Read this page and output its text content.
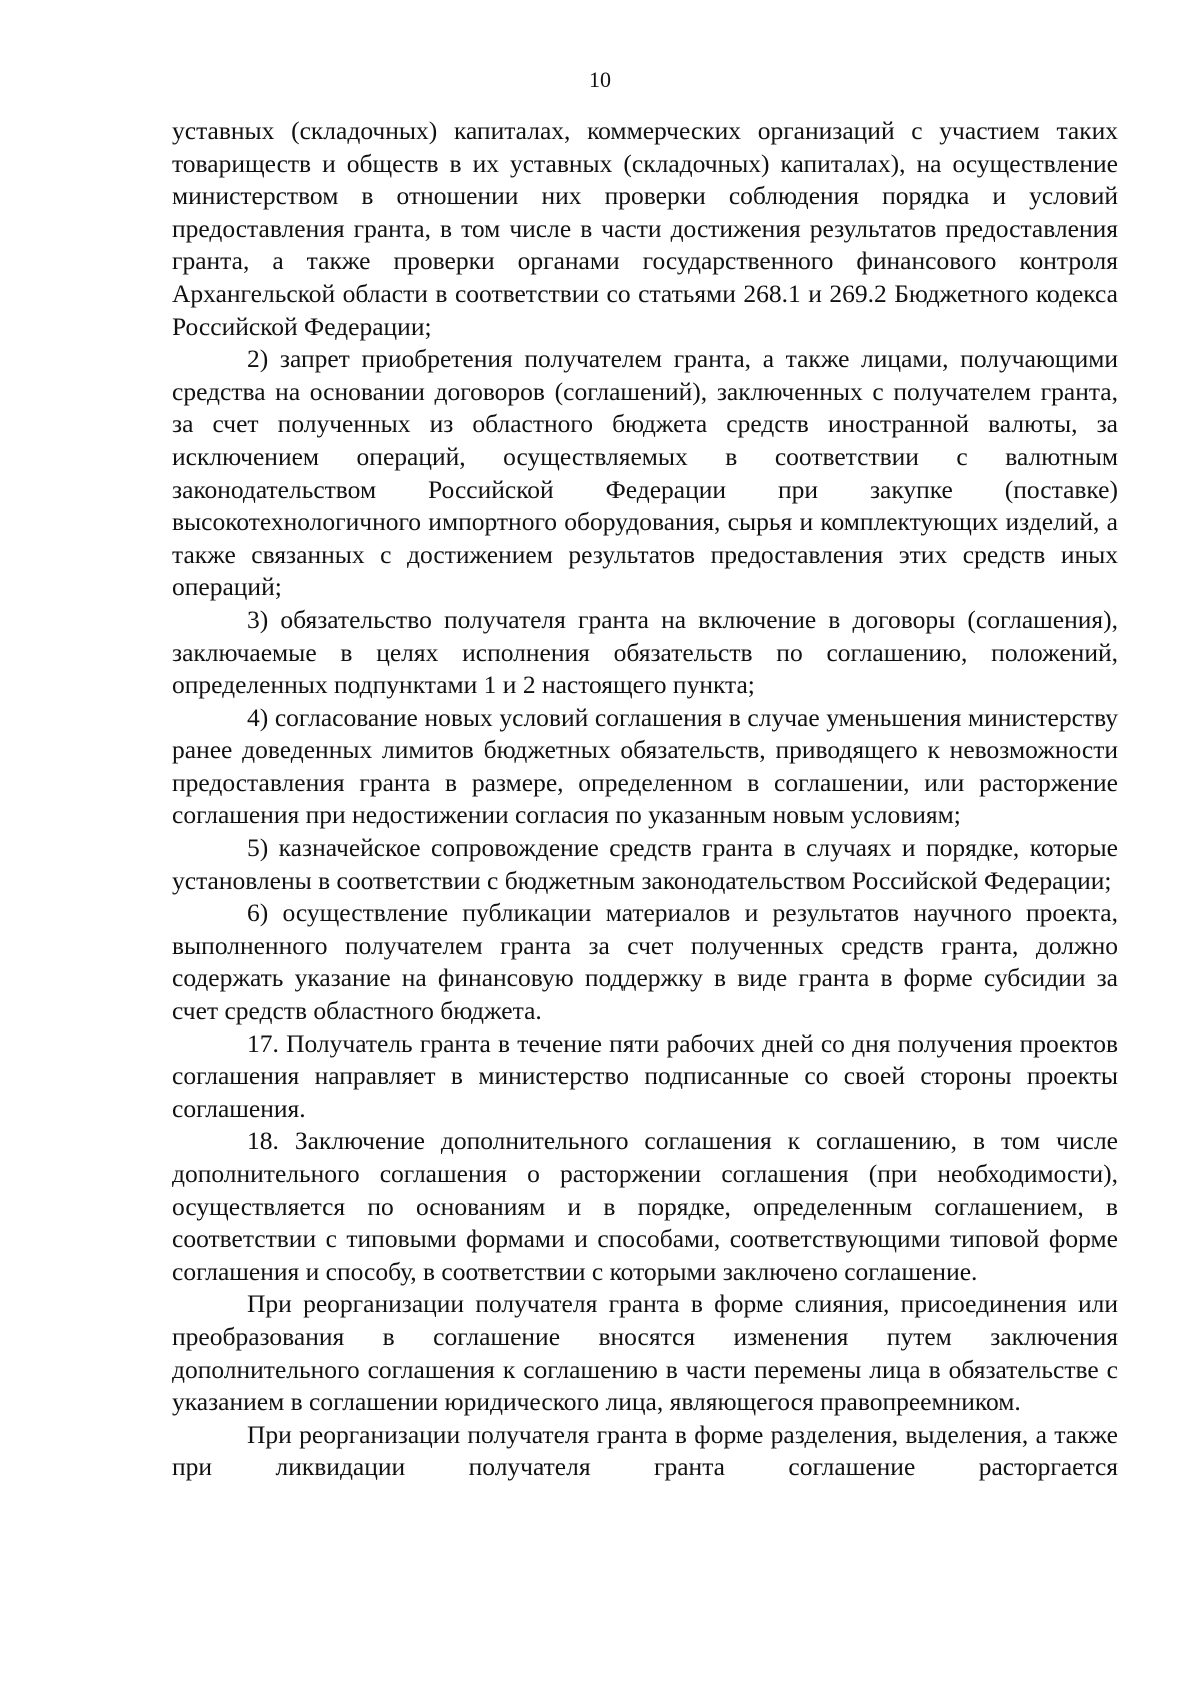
10

уставных (складочных) капиталах, коммерческих организаций с участием таких товариществ и обществ в их уставных (складочных) капиталах), на осуществление министерством в отношении них проверки соблюдения порядка и условий предоставления гранта, в том числе в части достижения результатов предоставления гранта, а также проверки органами государственного финансового контроля Архангельской области в соответствии со статьями 268.1 и 269.2 Бюджетного кодекса Российской Федерации;

2) запрет приобретения получателем гранта, а также лицами, получающими средства на основании договоров (соглашений), заключенных с получателем гранта, за счет полученных из областного бюджета средств иностранной валюты, за исключением операций, осуществляемых в соответствии с валютным законодательством Российской Федерации при закупке (поставке) высокотехнологичного импортного оборудования, сырья и комплектующих изделий, а также связанных с достижением результатов предоставления этих средств иных операций;

3) обязательство получателя гранта на включение в договоры (соглашения), заключаемые в целях исполнения обязательств по соглашению, положений, определенных подпунктами 1 и 2 настоящего пункта;

4) согласование новых условий соглашения в случае уменьшения министерству ранее доведенных лимитов бюджетных обязательств, приводящего к невозможности предоставления гранта в размере, определенном в соглашении, или расторжение соглашения при недостижении согласия по указанным новым условиям;

5) казначейское сопровождение средств гранта в случаях и порядке, которые установлены в соответствии с бюджетным законодательством Российской Федерации;

6) осуществление публикации материалов и результатов научного проекта, выполненного получателем гранта за счет полученных средств гранта, должно содержать указание на финансовую поддержку в виде гранта в форме субсидии за счет средств областного бюджета.

17. Получатель гранта в течение пяти рабочих дней со дня получения проектов соглашения направляет в министерство подписанные со своей стороны проекты соглашения.

18. Заключение дополнительного соглашения к соглашению, в том числе дополнительного соглашения о расторжении соглашения (при необходимости), осуществляется по основаниям и в порядке, определенным соглашением, в соответствии с типовыми формами и способами, соответствующими типовой форме соглашения и способу, в соответствии с которыми заключено соглашение.

При реорганизации получателя гранта в форме слияния, присоединения или преобразования в соглашение вносятся изменения путем заключения дополнительного соглашения к соглашению в части перемены лица в обязательстве с указанием в соглашении юридического лица, являющегося правопреемником.

При реорганизации получателя гранта в форме разделения, выделения, а также при ликвидации получателя гранта соглашение расторгается
